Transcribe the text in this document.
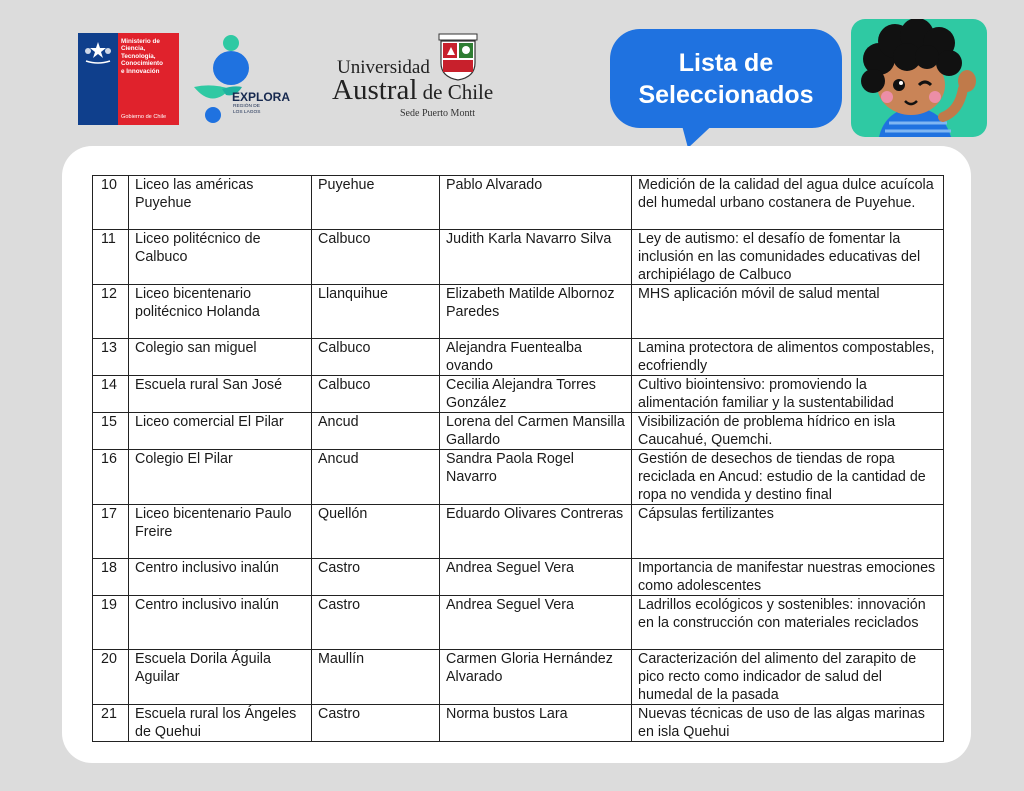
Ministerio de
Ciencia,
Tecnología,
Conocimiento
e Innovación
Gobierno de Chile
EXPLORA
REGIÓN DE
LOS LAGOS
Universidad
Austral de Chile
Sede Puerto Montt
Lista de
Seleccionados
10	Liceo las américas Puyehue	Puyehue	Pablo Alvarado	Medición de la calidad del agua dulce acuícola del humedal urbano costanera de Puyehue.
11	Liceo politécnico de Calbuco	Calbuco	Judith Karla Navarro Silva	Ley de autismo: el desafío de fomentar la inclusión en las comunidades educativas del archipiélago de Calbuco
12	Liceo bicentenario politécnico Holanda	Llanquihue	Elizabeth Matilde Albornoz Paredes	MHS aplicación móvil de salud mental
13	Colegio san miguel	Calbuco	Alejandra Fuentealba ovando	Lamina protectora de alimentos compostables, ecofriendly
14	Escuela rural San José	Calbuco	Cecilia Alejandra Torres González	Cultivo biointensivo: promoviendo la alimentación familiar y la sustentabilidad
15	Liceo comercial El Pilar	Ancud	Lorena del Carmen Mansilla Gallardo	Visibilización de problema hídrico en isla Caucahué, Quemchi.
16	Colegio El Pilar	Ancud	Sandra Paola Rogel Navarro	Gestión de desechos de tiendas de ropa reciclada en Ancud: estudio de la cantidad de ropa no vendida y destino final
17	Liceo bicentenario Paulo Freire	Quellón	Eduardo Olivares Contreras	Cápsulas fertilizantes
18	Centro inclusivo inalún	Castro	Andrea Seguel Vera	Importancia de manifestar nuestras emociones como adolescentes
19	Centro inclusivo inalún	Castro	Andrea Seguel Vera	Ladrillos ecológicos y sostenibles: innovación en la construcción con materiales reciclados
20	Escuela Dorila Águila Aguilar	Maullín	Carmen Gloria Hernández Alvarado	Caracterización del alimento del zarapito de pico recto como indicador de salud del humedal de la pasada
21	Escuela rural los Ángeles de Quehui	Castro	Norma bustos Lara	Nuevas técnicas de uso de las algas marinas en isla Quehui
